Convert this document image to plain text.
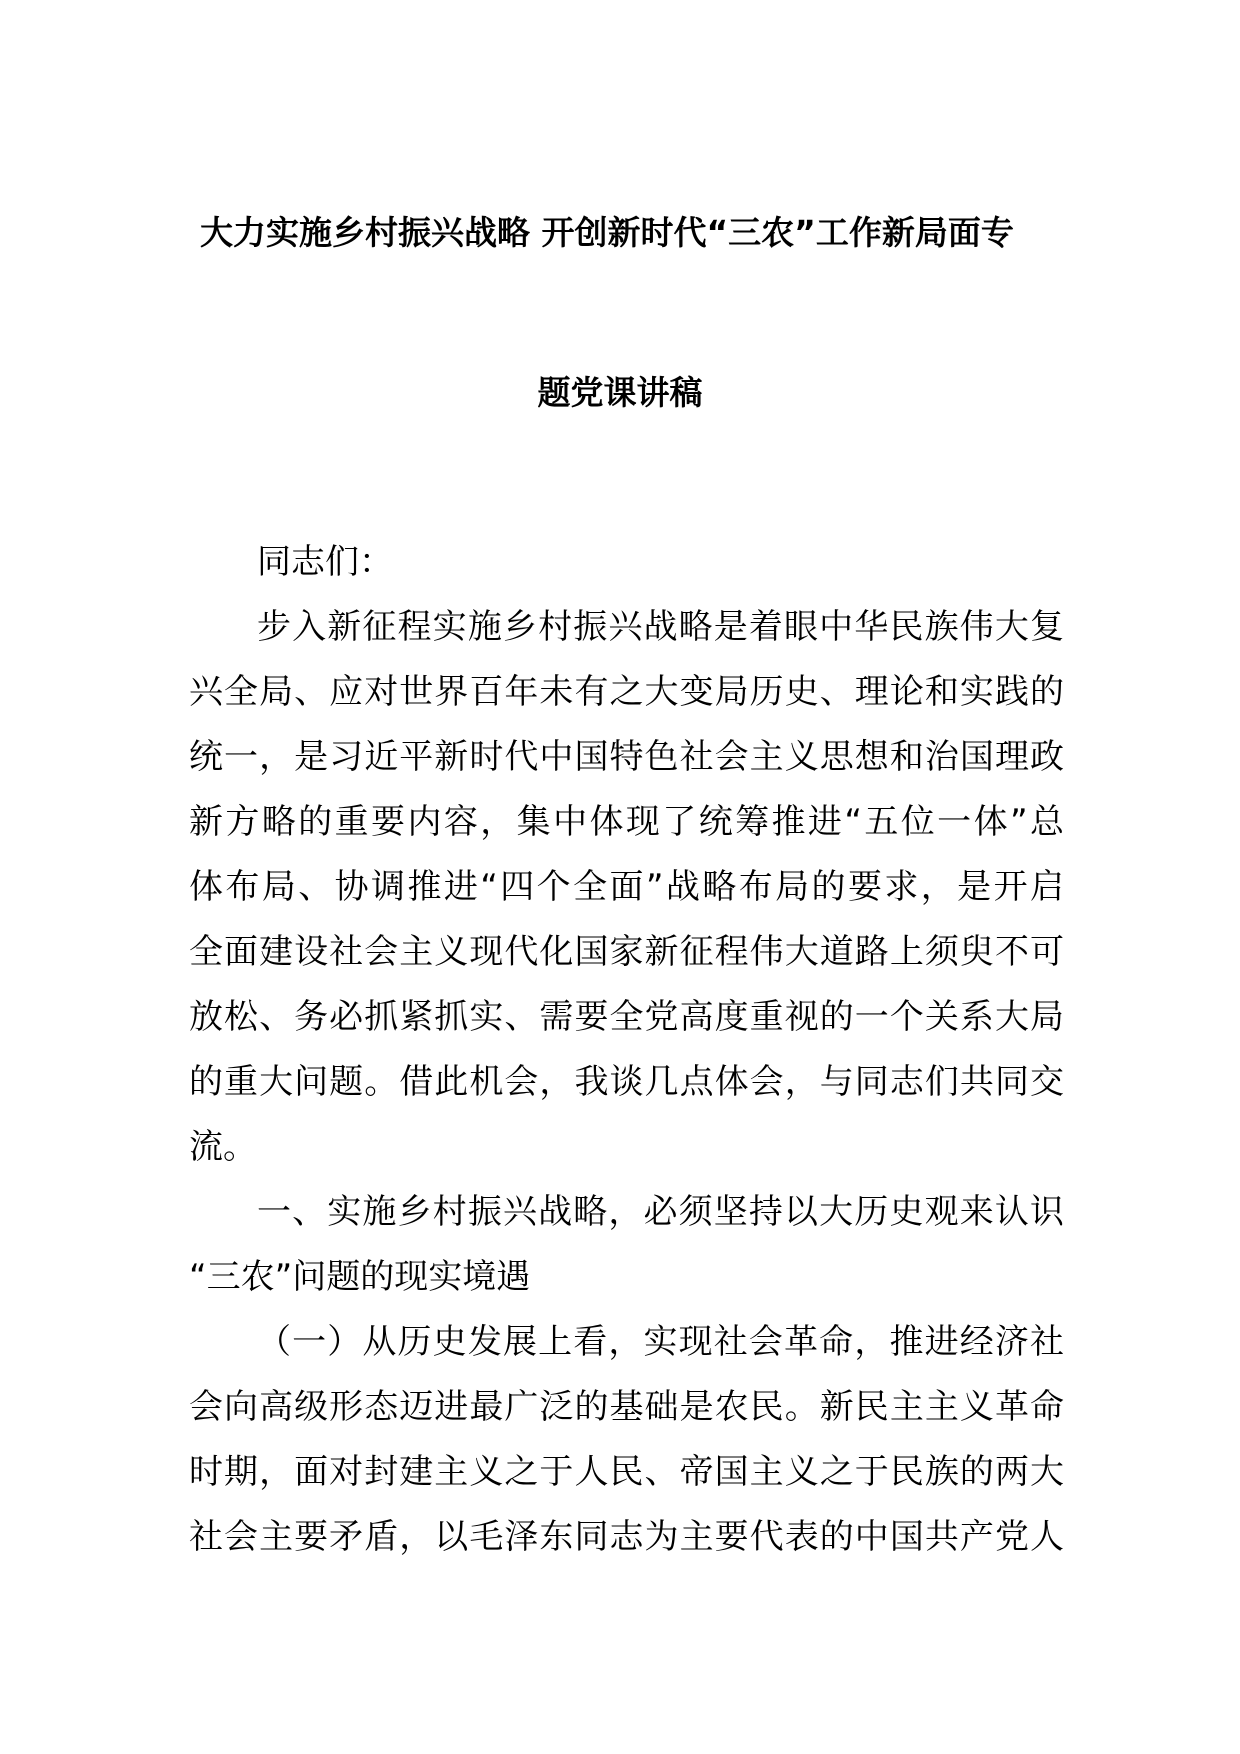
大力实施乡村振兴战略 开创新时代“三农”工作新局面专
题党课讲稿
同志们：
步入新征程实施乡村振兴战略是着眼中华民族伟大复
兴全局、应对世界百年未有之大变局历史、理论和实践的
统一，是习近平新时代中国特色社会主义思想和治国理政
新方略的重要内容，集中体现了统筹推进“五位一体”总
体布局、协调推进“四个全面”战略布局的要求，是开启
全面建设社会主义现代化国家新征程伟大道路上须臾不可
放松、务必抓紧抓实、需要全党高度重视的一个关系大局
的重大问题。借此机会，我谈几点体会，与同志们共同交
流。
一、实施乡村振兴战略，必须坚持以大历史观来认识
“三农”问题的现实境遇
（一）从历史发展上看，实现社会革命，推进经济社
会向高级形态迈进最广泛的基础是农民。新民主主义革命
时期，面对封建主义之于人民、帝国主义之于民族的两大
社会主要矛盾，以毛泽东同志为主要代表的中国共产党人
